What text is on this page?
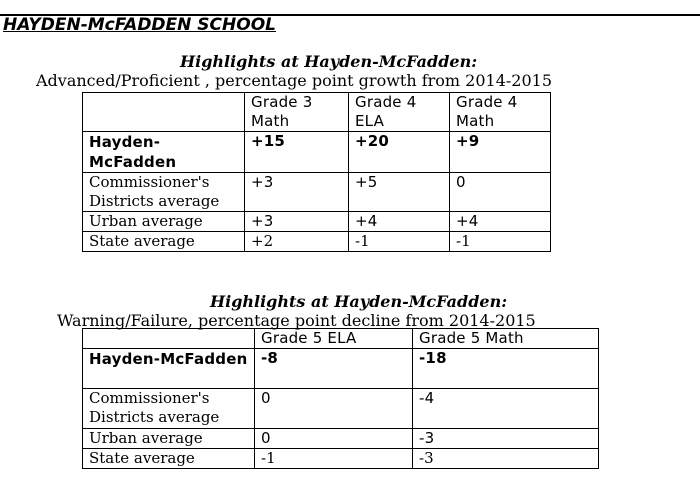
HAYDEN-McFADDEN SCHOOL
Highlights at Hayden-McFadden:
Advanced/Proficient , percentage point growth from 2014-2015
	Grade 3 Math	Grade 4 ELA	Grade 4 Math
Hayden-McFadden	+15	+20	+9
Commissioner's Districts average	+3	+5	0
Urban average	+3	+4	+4
State average	+2	-1	-1
Highlights at Hayden-McFadden:
Warning/Failure, percentage point decline from 2014-2015
	Grade 5 ELA	Grade 5 Math
Hayden-McFadden	-8	-18
Commissioner's Districts average	0	-4
Urban average	0	-3
State average	-1	-3
